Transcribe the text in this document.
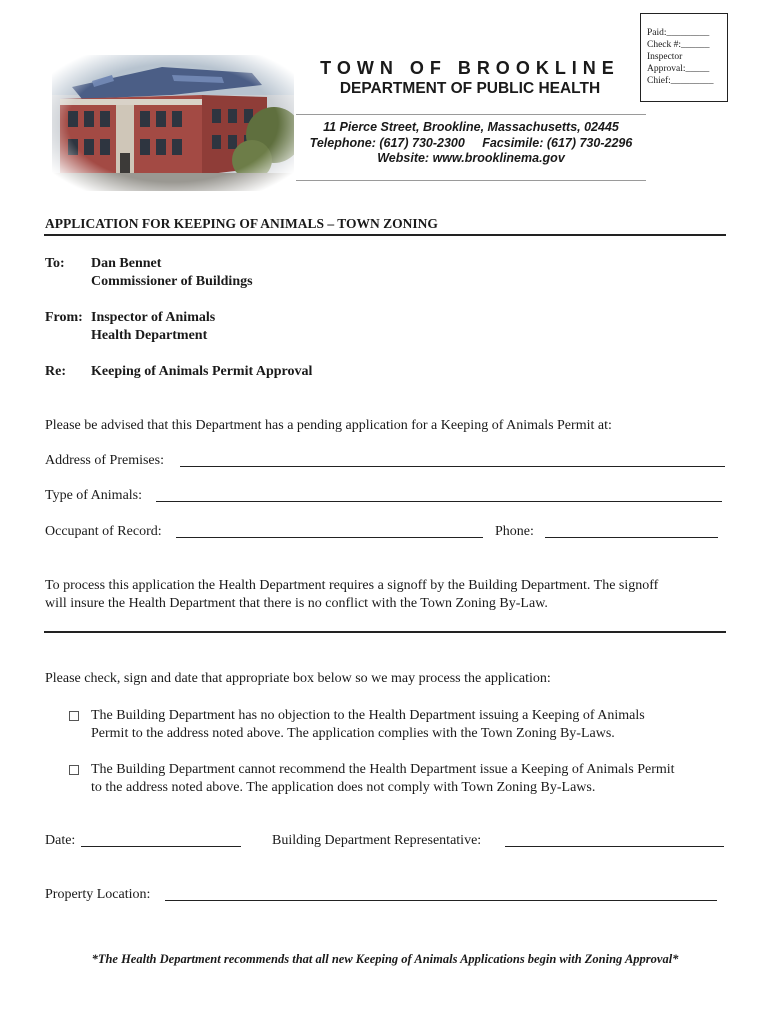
TOWN OF BROOKLINE
DEPARTMENT OF PUBLIC HEALTH
11 Pierce Street, Brookline, Massachusetts, 02445
Telephone: (617) 730-2300 Facsimile: (617) 730-2296
Website: www.brooklinema.gov
Paid:_________
Check #:______
Inspector
Approval:_____
Chief:_________
APPLICATION FOR KEEPING OF ANIMALS – TOWN ZONING
To: Dan Bennet
Commissioner of Buildings
From: Inspector of Animals
Health Department
Re: Keeping of Animals Permit Approval
Please be advised that this Department has a pending application for a Keeping of Animals Permit at:
Address of Premises:
Type of Animals:
Occupant of Record:	Phone:
To process this application the Health Department requires a signoff by the Building Department. The signoff
will insure the Health Department that there is no conflict with the Town Zoning By-Law.
Please check, sign and date that appropriate box below so we may process the application:
The Building Department has no objection to the Health Department issuing a Keeping of Animals
Permit to the address noted above. The application complies with the Town Zoning By-Laws.
The Building Department cannot recommend the Health Department issue a Keeping of Animals Permit
to the address noted above. The application does not comply with Town Zoning By-Laws.
Date:	Building Department Representative:
Property Location:
*The Health Department recommends that all new Keeping of Animals Applications begin with Zoning Approval*
